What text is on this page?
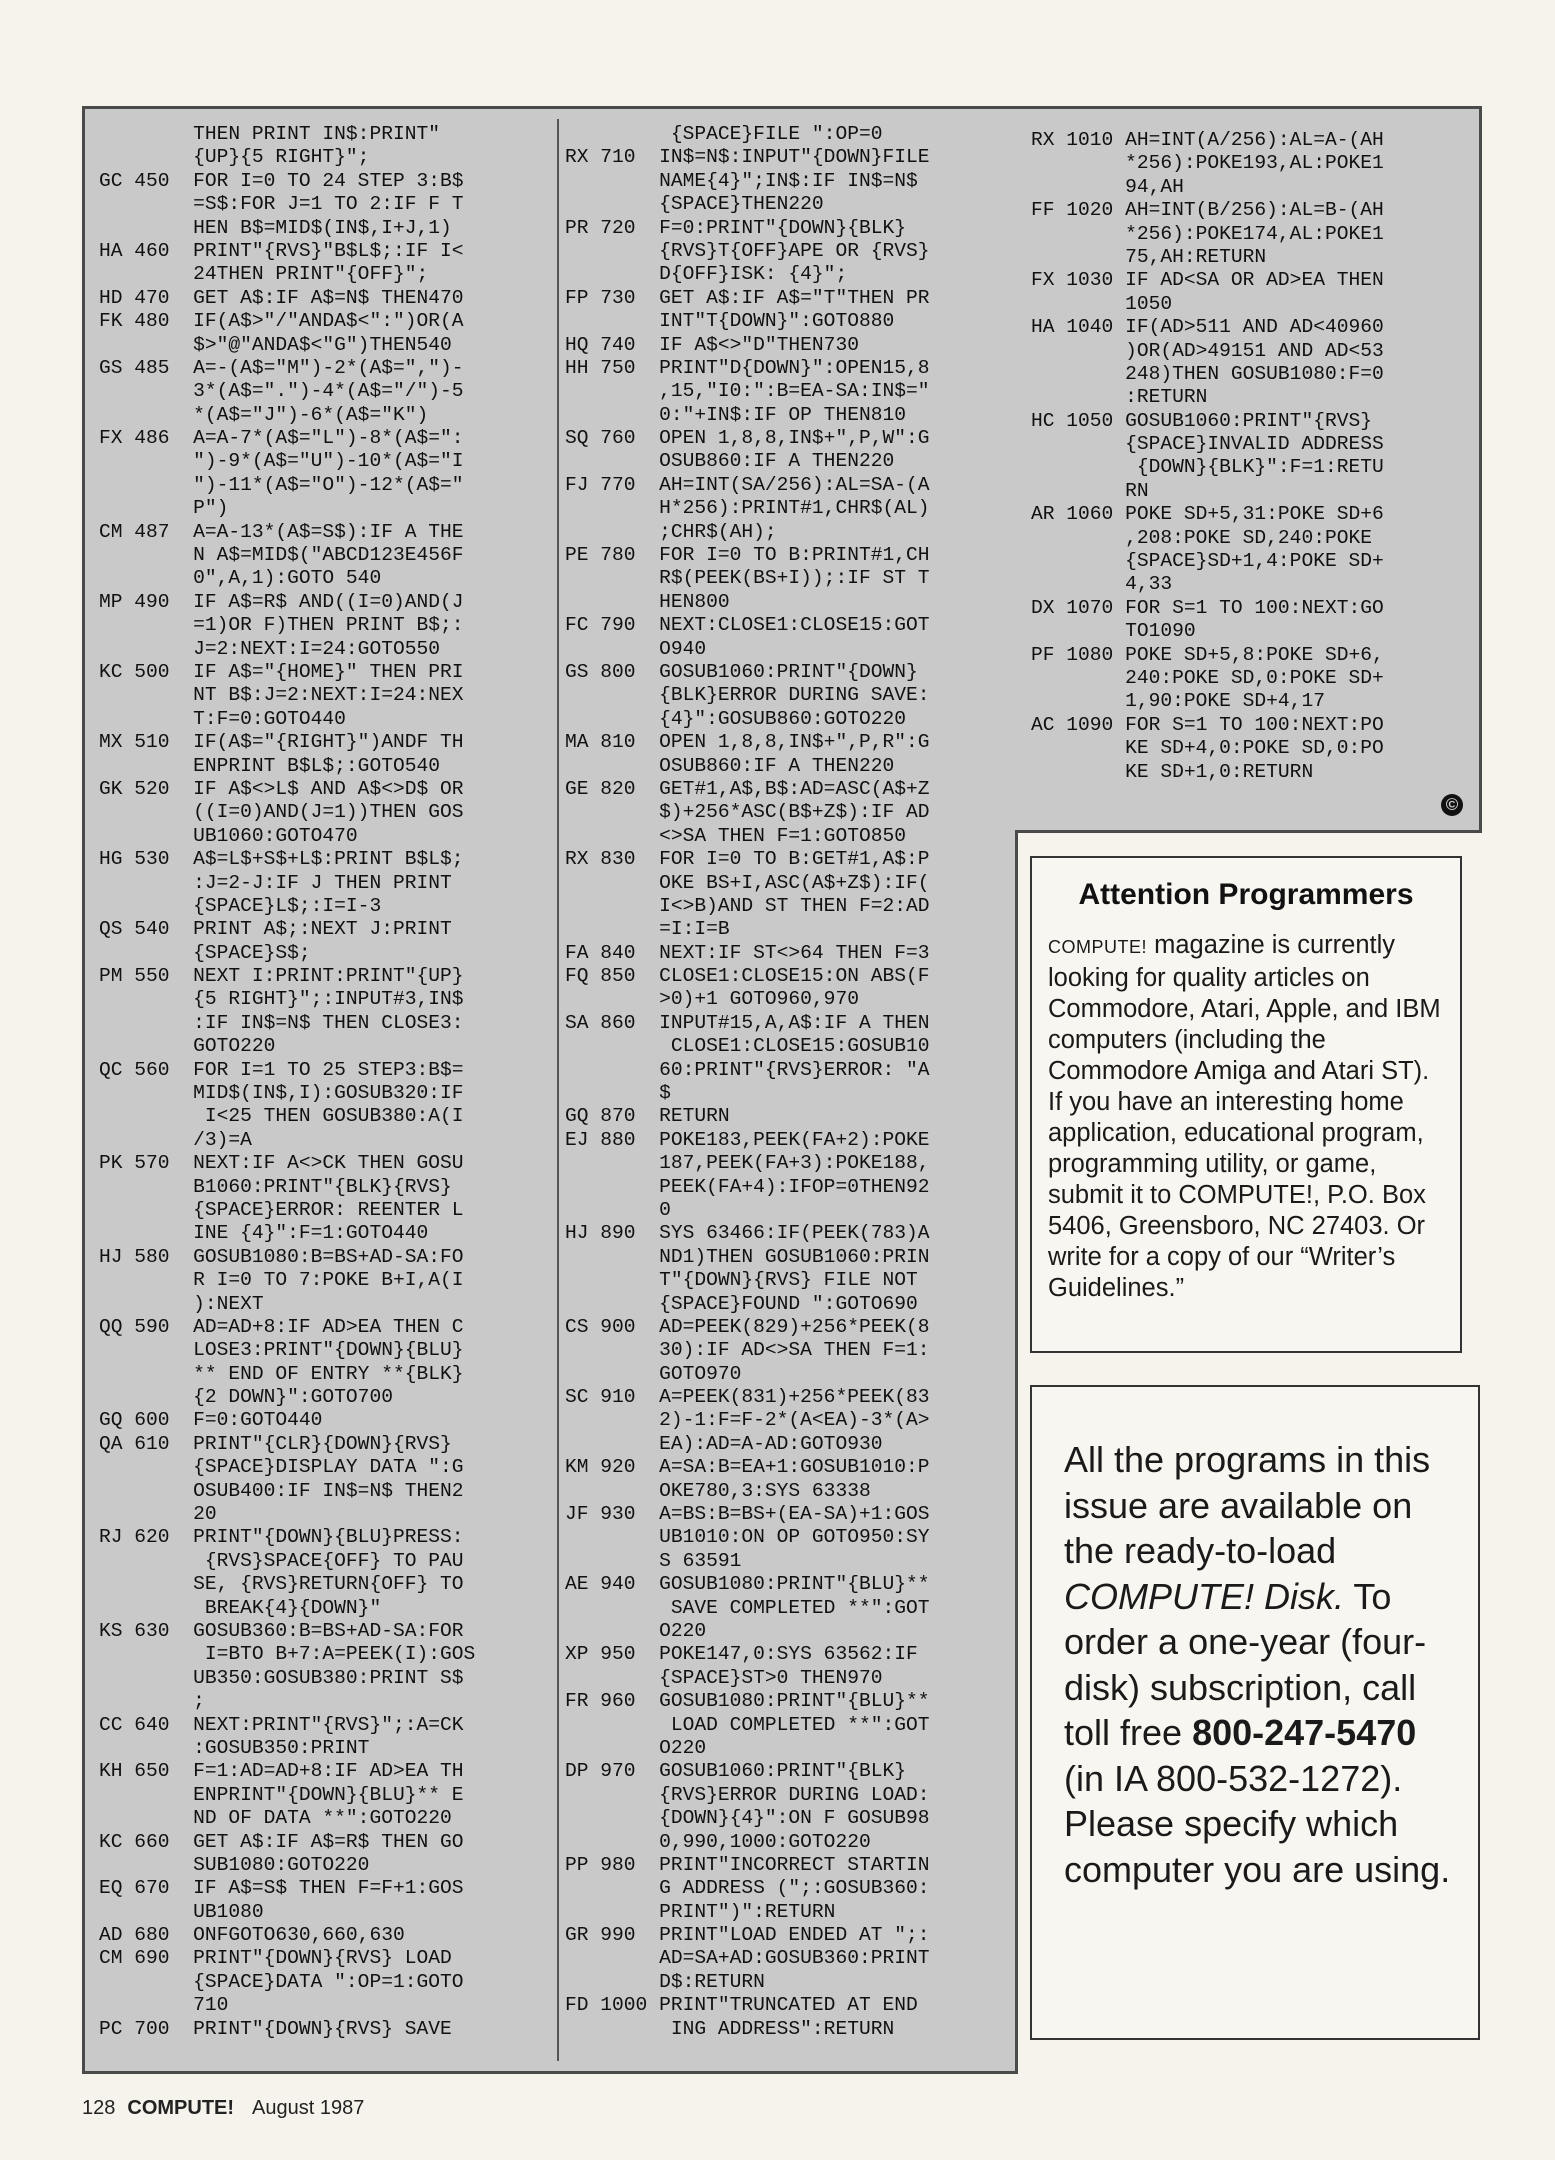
THEN PRINT IN$:PRINT"
{UP}{5 RIGHT}";
GC 450  FOR I=0 TO 24 STEP 3:B$
=S$:FOR J=1 TO 2:IF F T
HEN B$=MID$(IN$,I+J,1)
HA 460  PRINT"{RVS}"B$L$;:IF I<
24THEN PRINT"{OFF}";
HD 470  GET A$:IF A$=N$ THEN470
FK 480  IF(A$>"/"ANDA$<":")OR(A
$>"@"ANDA$<"G")THEN540
GS 485  A=-(A$="M")-2*(A$=",")-
3*(A$=".")-4*(A$="/")-5
*(A$="J")-6*(A$="K")
FX 486  A=A-7*(A$="L")-8*(A$=":
")-9*(A$="U")-10*(A$="I
")-11*(A$="O")-12*(A$="
P")
CM 487  A=A-13*(A$=S$):IF A THE
N A$=MID$("ABCD123E456F
0",A,1):GOTO 540
MP 490  IF A$=R$ AND((I=0)AND(J
=1)OR F)THEN PRINT B$;:
J=2:NEXT:I=24:GOTO550
KC 500  IF A$="{HOME}" THEN PRI
NT B$:J=2:NEXT:I=24:NEX
T:F=0:GOTO440
MX 510  IF(A$="{RIGHT}")ANDF TH
ENPRINT B$L$;:GOTO540
GK 520  IF A$<>L$ AND A$<>D$ OR
((I=0)AND(J=1))THEN GOS
UB1060:GOTO470
HG 530  A$=L$+S$+L$:PRINT B$L$;
:J=2-J:IF J THEN PRINT
{SPACE}L$;:I=I-3
QS 540  PRINT A$;:NEXT J:PRINT
{SPACE}S$;
PM 550  NEXT I:PRINT:PRINT"{UP}
{5 RIGHT}";:INPUT#3,IN$
:IF IN$=N$ THEN CLOSE3:
GOTO220
QC 560  FOR I=1 TO 25 STEP3:B$=
MID$(IN$,I):GOSUB320:IF
I<25 THEN GOSUB380:A(I
/3)=A
PK 570  NEXT:IF A<>CK THEN GOSU
B1060:PRINT"{BLK}{RVS}
{SPACE}ERROR: REENTER L
INE {4}":F=1:GOTO440
HJ 580  GOSUB1080:B=BS+AD-SA:FO
R I=0 TO 7:POKE B+I,A(I
):NEXT
QQ 590  AD=AD+8:IF AD>EA THEN C
LOSE3:PRINT"{DOWN}{BLU}
** END OF ENTRY **{BLK}
{2 DOWN}":GOTO700
GQ 600  F=0:GOTO440
QA 610  PRINT"{CLR}{DOWN}{RVS}
{SPACE}DISPLAY DATA ":G
OSUB400:IF IN$=N$ THEN2
20
RJ 620  PRINT"{DOWN}{BLU}PRESS:
{RVS}SPACE{OFF} TO PAU
SE, {RVS}RETURN{OFF} TO
BREAK{4}{DOWN}"
KS 630  GOSUB360:B=BS+AD-SA:FOR
I=BTO B+7:A=PEEK(I):GOS
UB350:GOSUB380:PRINT S$
;
CC 640  NEXT:PRINT"{RVS}";:A=CK
:GOSUB350:PRINT
KH 650  F=1:AD=AD+8:IF AD>EA TH
ENPRINT"{DOWN}{BLU}** E
ND OF DATA **":GOTO220
KC 660  GET A$:IF A$=R$ THEN GO
SUB1080:GOTO220
EQ 670  IF A$=S$ THEN F=F+1:GOS
UB1080
AD 680  ONFGOTO630,660,630
CM 690  PRINT"{DOWN}{RVS} LOAD
{SPACE}DATA ":OP=1:GOTO
710
PC 700  PRINT"{DOWN}{RVS} SAVE
{SPACE}FILE ":OP=0
RX 710  IN$=N$:INPUT"{DOWN}FILE
NAME{4}";IN$:IF IN$=N$
{SPACE}THEN220
PR 720  F=0:PRINT"{DOWN}{BLK}
{RVS}T{OFF}APE OR {RVS}
D{OFF}ISK: {4}";
FP 730  GET A$:IF A$="T"THEN PR
INT"T{DOWN}":GOTO880
HQ 740  IF A$<>"D"THEN730
HH 750  PRINT"D{DOWN}":OPEN15,8
,15,"I0:":B=EA-SA:IN$="
0:"+IN$:IF OP THEN810
SQ 760  OPEN 1,8,8,IN$+",P,W":G
OSUB860:IF A THEN220
FJ 770  AH=INT(SA/256):AL=SA-(A
H*256):PRINT#1,CHR$(AL)
;CHR$(AH);
PE 780  FOR I=0 TO B:PRINT#1,CH
R$(PEEK(BS+I));:IF ST T
HEN800
FC 790  NEXT:CLOSE1:CLOSE15:GOT
O940
GS 800  GOSUB1060:PRINT"{DOWN}
{BLK}ERROR DURING SAVE:
{4}":GOSUB860:GOTO220
MA 810  OPEN 1,8,8,IN$+",P,R":G
OSUB860:IF A THEN220
GE 820  GET#1,A$,B$:AD=ASC(A$+Z
$)+256*ASC(B$+Z$):IF AD
<>SA THEN F=1:GOTO850
RX 830  FOR I=0 TO B:GET#1,A$:P
OKE BS+I,ASC(A$+Z$):IF(
I<>B)AND ST THEN F=2:AD
=I:I=B
FA 840  NEXT:IF ST<>64 THEN F=3
FQ 850  CLOSE1:CLOSE15:ON ABS(F
>0)+1 GOTO960,970
SA 860  INPUT#15,A,A$:IF A THEN
CLOSE1:CLOSE15:GOSUB10
60:PRINT"{RVS}ERROR: "A
$
GQ 870  RETURN
EJ 880  POKE183,PEEK(FA+2):POKE
187,PEEK(FA+3):POKE188,
PEEK(FA+4):IFOP=0THEN92
0
HJ 890  SYS 63466:IF(PEEK(783)A
ND1)THEN GOSUB1060:PRIN
T"{DOWN}{RVS} FILE NOT
{SPACE}FOUND ":GOTO690
CS 900  AD=PEEK(829)+256*PEEK(8
30):IF AD<>SA THEN F=1:
GOTO970
SC 910  A=PEEK(831)+256*PEEK(83
2)-1:F=F-2*(A<EA)-3*(A>
EA):AD=A-AD:GOTO930
KM 920  A=SA:B=EA+1:GOSUB1010:P
OKE780,3:SYS 63338
JF 930  A=BS:B=BS+(EA-SA)+1:GOS
UB1010:ON OP GOTO950:SY
S 63591
AE 940  GOSUB1080:PRINT"{BLU}**
SAVE COMPLETED **":GOT
O220
XP 950  POKE147,0:SYS 63562:IF
{SPACE}ST>0 THEN970
FR 960  GOSUB1080:PRINT"{BLU}**
LOAD COMPLETED **":GOT
O220
DP 970  GOSUB1060:PRINT"{BLK}
{RVS}ERROR DURING LOAD:
{DOWN}{4}":ON F GOSUB98
0,990,1000:GOTO220
PP 980  PRINT"INCORRECT STARTIN
G ADDRESS (";:GOSUB360:
PRINT")":RETURN
GR 990  PRINT"LOAD ENDED AT ";:
AD=SA+AD:GOSUB360:PRINT
D$:RETURN
FD 1000 PRINT"TRUNCATED AT END
ING ADDRESS":RETURN
RX 1010 AH=INT(A/256):AL=A-(AH
*256):POKE193,AL:POKE1
94,AH
FF 1020 AH=INT(B/256):AL=B-(AH
*256):POKE174,AL:POKE1
75,AH:RETURN
FX 1030 IF AD<SA OR AD>EA THEN
1050
HA 1040 IF(AD>511 AND AD<40960
)OR(AD>49151 AND AD<53
248)THEN GOSUB1080:F=0
:RETURN
HC 1050 GOSUB1060:PRINT"{RVS}
{SPACE}INVALID ADDRESS
{DOWN}{BLK}":F=1:RETU
RN
AR 1060 POKE SD+5,31:POKE SD+6
,208:POKE SD,240:POKE
{SPACE}SD+1,4:POKE SD+
4,33
DX 1070 FOR S=1 TO 100:NEXT:GO
TO1090
PF 1080 POKE SD+5,8:POKE SD+6,
240:POKE SD,0:POKE SD+
1,90:POKE SD+4,17
AC 1090 FOR S=1 TO 100:NEXT:PO
KE SD+4,0:POKE SD,0:PO
KE SD+1,0:RETURN
©
Attention Programmers
COMPUTE! magazine is currently looking for quality articles on Commodore, Atari, Apple, and IBM computers (including the Commodore Amiga and Atari ST). If you have an interesting home application, educational program, programming utility, or game, submit it to COMPUTE!, P.O. Box 5406, Greensboro, NC 27403. Or write for a copy of our “Writer’s Guidelines.”
All the programs in this issue are available on the ready-to-load COMPUTE! Disk. To order a one-year (four-disk) subscription, call toll free 800-247-5470 (in IA 800-532-1272). Please specify which computer you are using.
128 COMPUTE! August 1987
